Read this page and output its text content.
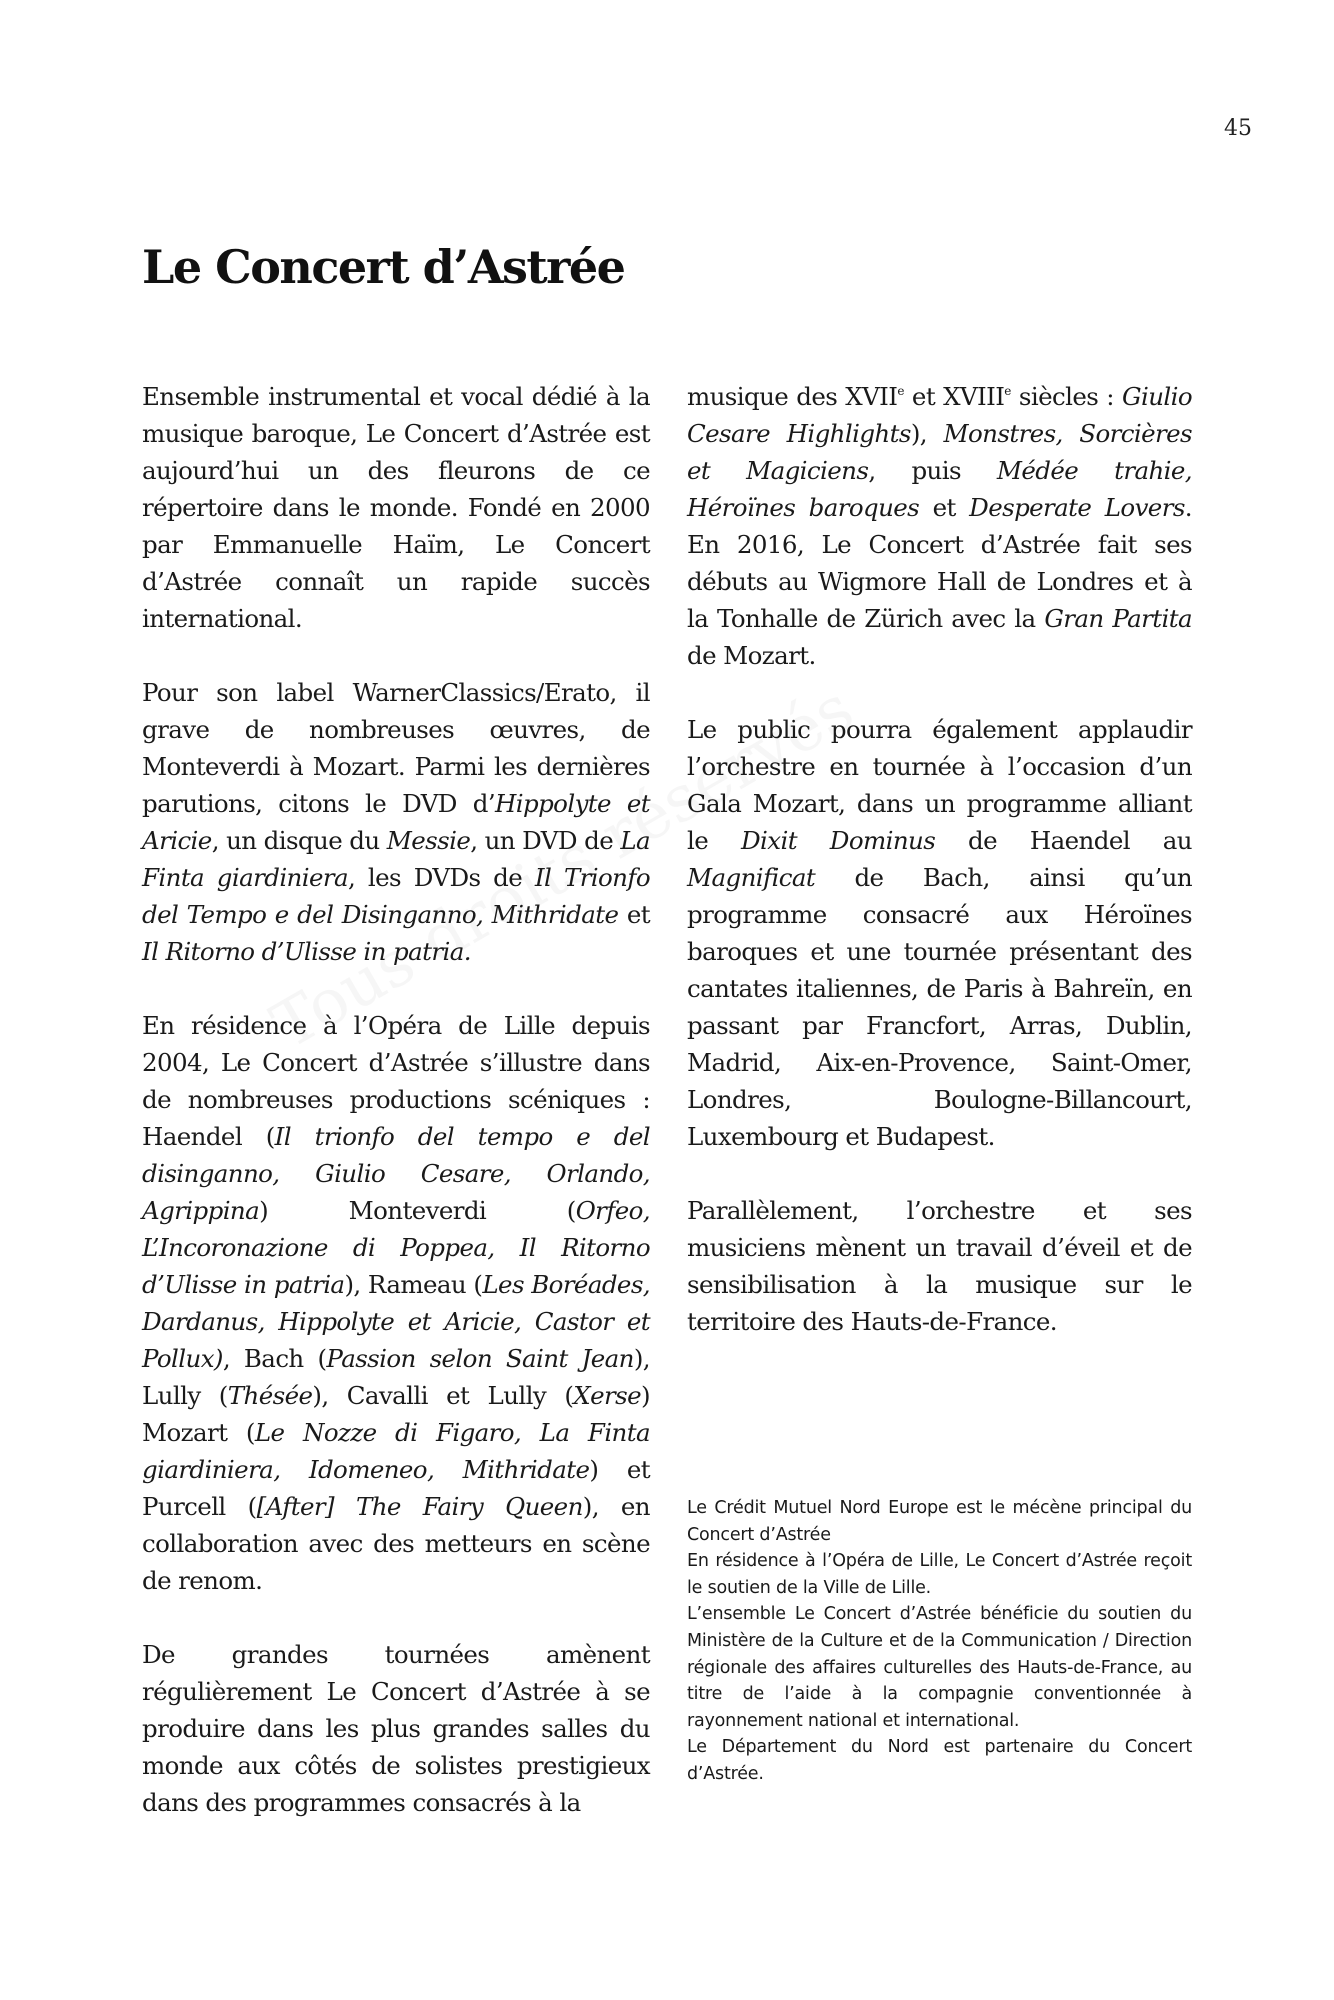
45
Le Concert d’Astrée

Ensemble instrumental et vocal dédié à la musique baroque, Le Concert d’Astrée est aujourd’hui un des fleurons de ce répertoire dans le monde. Fondé en 2000 par Emmanuelle Haïm, Le Concert d’Astrée connaît un rapide succès international.

Pour son label WarnerClassics/Erato, il grave de nombreuses œuvres, de Monteverdi à Mozart. Parmi les dernières parutions, citons le DVD d’Hippolyte et Aricie, un disque du Messie, un DVD de La Finta giardiniera, les DVDs de Il Trionfo del Tempo e del Disinganno, Mithridate et Il Ritorno d’Ulisse in patria.

En résidence à l’Opéra de Lille depuis 2004, Le Concert d’Astrée s’illustre dans de nombreuses productions scéniques : Haendel (Il trionfo del tempo e del disinganno, Giulio Cesare, Orlando, Agrippina) Monteverdi (Orfeo, L’Incoronazione di Poppea, Il Ritorno d’Ulisse in patria), Rameau (Les Boréades, Dardanus, Hippolyte et Aricie, Castor et Pollux), Bach (Passion selon Saint Jean), Lully (Thésée), Cavalli et Lully (Xerse) Mozart (Le Nozze di Figaro, La Finta giardiniera, Idomeneo, Mithridate) et Purcell ([After] The Fairy Queen), en collaboration avec des metteurs en scène de renom.

De grandes tournées amènent régulièrement Le Concert d’Astrée à se produire dans les plus grandes salles du monde aux côtés de solistes prestigieux dans des programmes consacrés à la

musique des XVIIe et XVIIIe siècles : Giulio Cesare Highlights), Monstres, Sorcières et Magiciens, puis Médée trahie, Héroïnes baroques et Desperate Lovers. En 2016, Le Concert d’Astrée fait ses débuts au Wigmore Hall de Londres et à la Tonhalle de Zürich avec la Gran Partita de Mozart.

Le public pourra également applaudir l’orchestre en tournée à l’occasion d’un Gala Mozart, dans un programme alliant le Dixit Dominus de Haendel au Magnificat de Bach, ainsi qu’un programme consacré aux Héroïnes baroques et une tournée présentant des cantates italiennes, de Paris à Bahreïn, en passant par Francfort, Arras, Dublin, Madrid, Aix-en-Provence, Saint-Omer, Londres, Boulogne-Billancourt, Luxembourg et Budapest.

Parallèlement, l’orchestre et ses musiciens mènent un travail d’éveil et de sensibilisation à la musique sur le territoire des Hauts-de-France.

Le Crédit Mutuel Nord Europe est le mécène principal du Concert d’Astrée

En résidence à l’Opéra de Lille, Le Concert d’Astrée reçoit le soutien de la Ville de Lille.

L’ensemble Le Concert d’Astrée bénéficie du soutien du Ministère de la Culture et de la Communication / Direction régionale des affaires culturelles des Hauts-de-France, au titre de l’aide à la compagnie conventionnée à rayonnement national et international.

Le Département du Nord est partenaire du Concert d’Astrée.
